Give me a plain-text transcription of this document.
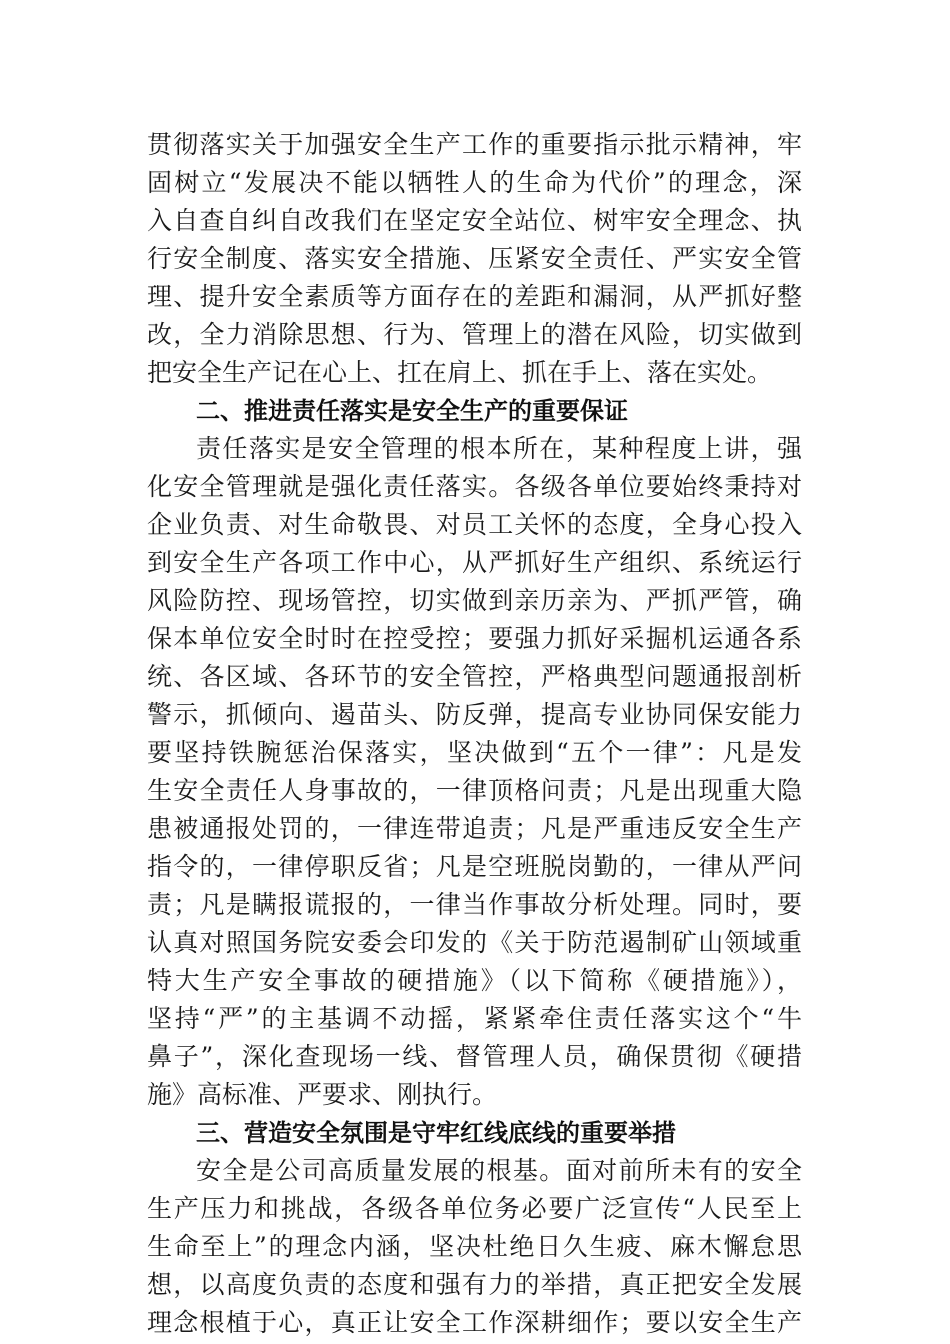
贯彻落实关于加强安全生产工作的重要指示批示精神，牢
固树立“发展决不能以牺牲人的生命为代价”的理念，深
入自查自纠自改我们在坚定安全站位、树牢安全理念、执
行安全制度、落实安全措施、压紧安全责任、严实安全管
理、提升安全素质等方面存在的差距和漏洞，从严抓好整
改，全力消除思想、行为、管理上的潜在风险，切实做到
把安全生产记在心上、扛在肩上、抓在手上、落在实处。
二、推进责任落实是安全生产的重要保证
责任落实是安全管理的根本所在，某种程度上讲，强
化安全管理就是强化责任落实。各级各单位要始终秉持对
企业负责、对生命敬畏、对员工关怀的态度，全身心投入
到安全生产各项工作中心，从严抓好生产组织、系统运行
风险防控、现场管控，切实做到亲历亲为、严抓严管，确
保本单位安全时时在控受控；要强力抓好采掘机运通各系
统、各区域、各环节的安全管控，严格典型问题通报剖析
警示，抓倾向、遏苗头、防反弹，提高专业协同保安能力
要坚持铁腕惩治保落实，坚决做到“五个一律”：凡是发
生安全责任人身事故的，一律顶格问责；凡是出现重大隐
患被通报处罚的，一律连带追责；凡是严重违反安全生产
指令的，一律停职反省；凡是空班脱岗勤的，一律从严问
责；凡是瞒报谎报的，一律当作事故分析处理。同时，要
认真对照国务院安委会印发的《关于防范遏制矿山领域重
特大生产安全事故的硬措施》（以下简称《硬措施》），
坚持“严”的主基调不动摇，紧紧牵住责任落实这个“牛
鼻子”，深化查现场一线、督管理人员，确保贯彻《硬措
施》高标准、严要求、刚执行。
三、营造安全氛围是守牢红线底线的重要举措
安全是公司高质量发展的根基。面对前所未有的安全
生产压力和挑战，各级各单位务必要广泛宣传“人民至上
生命至上”的理念内涵，坚决杜绝日久生疲、麻木懈怠思
想，以高度负责的态度和强有力的举措，真正把安全发展
理念根植于心，真正让安全工作深耕细作；要以安全生产
